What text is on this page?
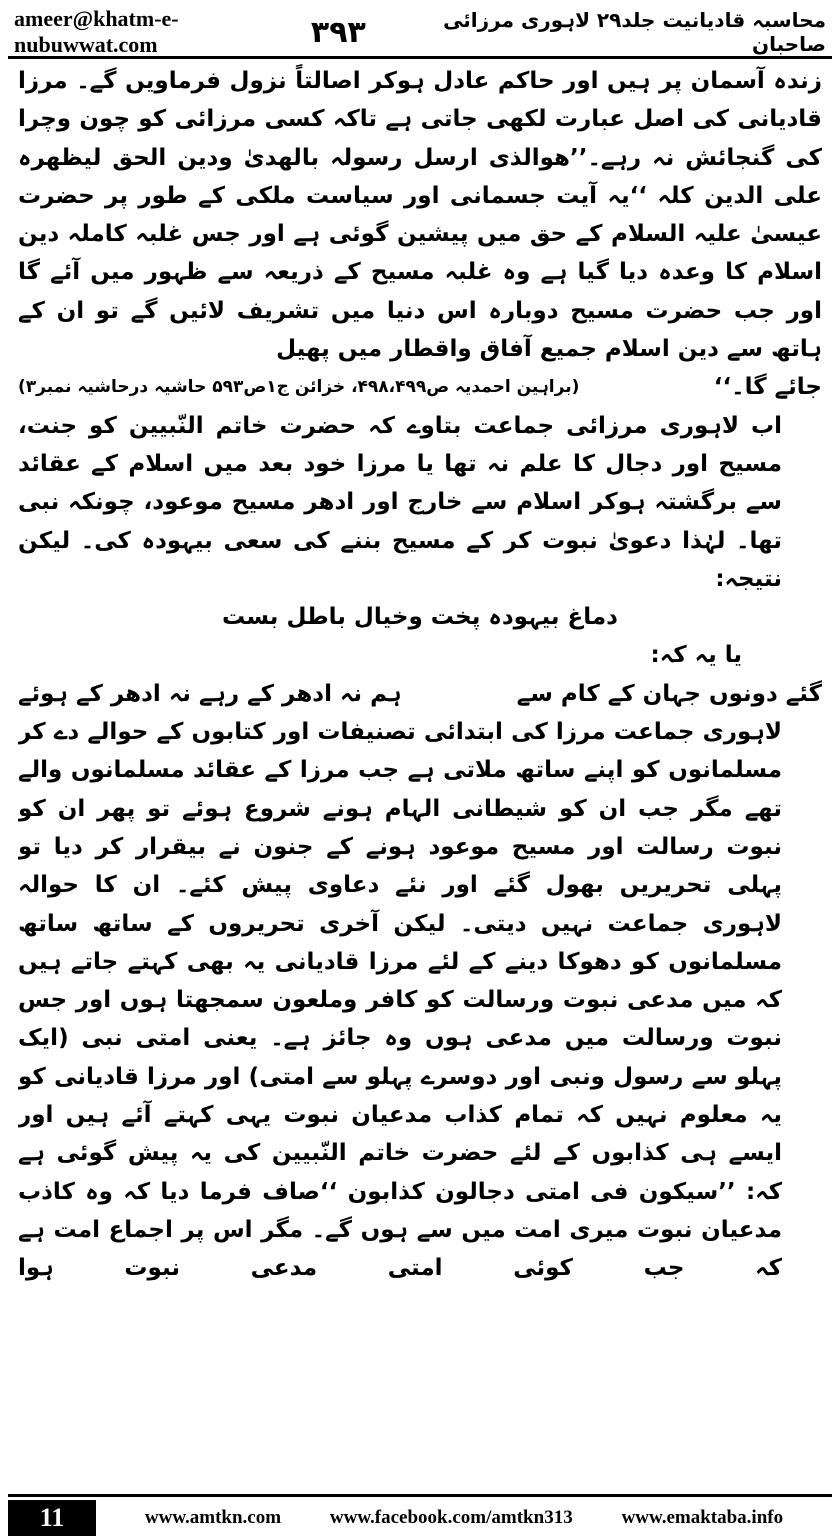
ameer@khatm-e-nubuwwat.com
محاسبہ قادیانیت جلد۲۹ لاہوری مرزائی صاحبان
۳۹۳

زندہ آسمان پر ہیں اور حاکم عادل ہوکر اصالتاً نزول فرماویں گے۔ مرزا قادیانی کی اصل عبارت لکھی جاتی ہے تاکہ کسی مرزائی کو چون وچرا کی گنجائش نہ رہے۔’’ھوالذی ارسل رسولہ بالھدیٰ ودین الحق لیظھرہ علی الدین کلہ ‘‘یہ آیت جسمانی اور سیاست ملکی کے طور پر حضرت عیسیٰ علیہ السلام کے حق میں پیشین گوئی ہے اور جس غلبہ کاملہ دین اسلام کا وعدہ دیا گیا ہے وہ غلبہ مسیح کے ذریعہ سے ظہور میں آئے گا اور جب حضرت مسیح دوبارہ اس دنیا میں تشریف لائیں گے تو ان کے ہاتھ سے دین اسلام جمیع آفاق واقطار میں پھیل

جائے گا۔‘‘
(براہین احمدیہ ص۴۹۸،۴۹۹، خزائن ج۱ص۵۹۳ حاشیہ درحاشیہ نمبر۳)

اب لاہوری مرزائی جماعت بتاوے کہ حضرت خاتم النّبیین کو جنت، مسیح اور دجال کا علم نہ تھا یا مرزا خود بعد میں اسلام کے عقائد سے برگشتہ ہوکر اسلام سے خارج اور ادھر مسیح موعود، چونکہ نبی تھا۔ لہٰذا دعویٰ نبوت کر کے مسیح بننے کی سعی بیہودہ کی۔ لیکن نتیجہ:

دماغ بیہودہ پخت وخیال باطل بست

یا یہ کہ:

گئے دونوں جہان کے کام سے
ہم نہ ادھر کے رہے نہ ادھر کے ہوئے

لاہوری جماعت مرزا کی ابتدائی تصنیفات اور کتابوں کے حوالے دے کر مسلمانوں کو اپنے ساتھ ملاتی ہے جب مرزا کے عقائد مسلمانوں والے تھے مگر جب ان کو شیطانی الہام ہونے شروع ہوئے تو پھر ان کو نبوت رسالت اور مسیح موعود ہونے کے جنون نے بیقرار کر دیا تو پہلی تحریریں بھول گئے اور نئے دعاوی پیش کئے۔ ان کا حوالہ لاہوری جماعت نہیں دیتی۔ لیکن آخری تحریروں کے ساتھ ساتھ مسلمانوں کو دھوکا دینے کے لئے مرزا قادیانی یہ بھی کہتے جاتے ہیں کہ میں مدعی نبوت ورسالت کو کافر وملعون سمجھتا ہوں اور جس نبوت ورسالت میں مدعی ہوں وہ جائز ہے۔ یعنی امتی نبی (ایک پہلو سے رسول ونبی اور دوسرے پہلو سے امتی) اور مرزا قادیانی کو یہ معلوم نہیں کہ تمام کذاب مدعیان نبوت یہی کہتے آئے ہیں اور ایسے ہی کذابوں کے لئے حضرت خاتم النّبیین کی یہ پیش گوئی ہے کہ: ’’سیکون فی امتی دجالون کذابون ‘‘صاف فرما دیا کہ وہ کاذب مدعیان نبوت میری امت میں سے ہوں گے۔ مگر اس پر اجماع امت ہے کہ جب کوئی امتی مدعی نبوت ہوا

11	www.amtkn.com	www.facebook.com/amtkn313	www.emaktaba.info
